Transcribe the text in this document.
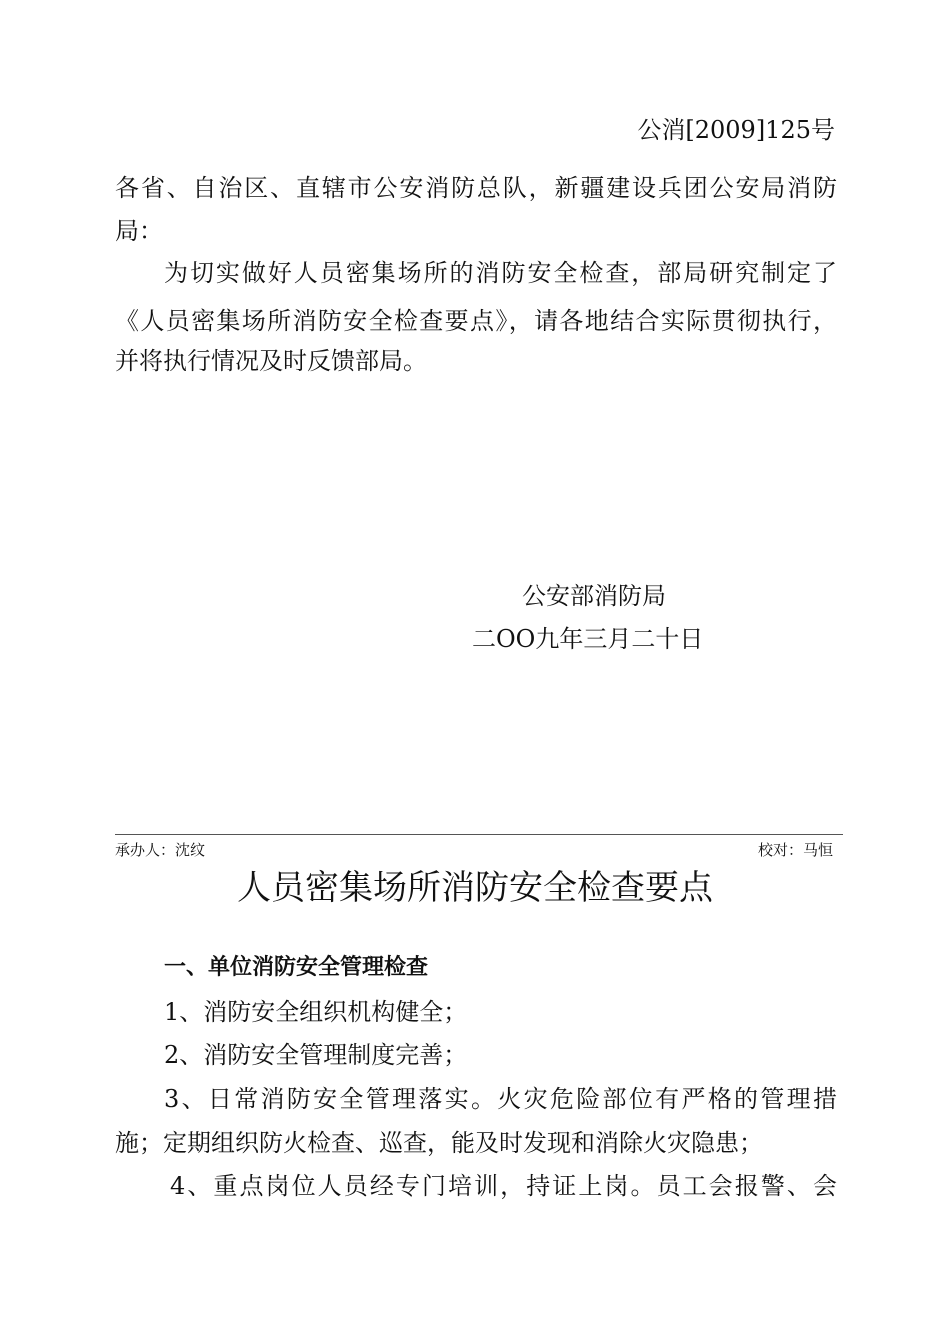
公消[2009]125号
各省、自治区、直辖市公安消防总队，新疆建设兵团公安局消防
局：
为切实做好人员密集场所的消防安全检查，部局研究制定了
《人员密集场所消防安全检查要点》，请各地结合实际贯彻执行，
并将执行情况及时反馈部局。
公安部消防局
二OO九年三月二十日
承办人：沈纹	校对：马恒
人员密集场所消防安全检查要点
一、单位消防安全管理检查
1、消防安全组织机构健全；
2、消防安全管理制度完善；
3、日常消防安全管理落实。火灾危险部位有严格的管理措
施；定期组织防火检查、巡查，能及时发现和消除火灾隐患；
4、重点岗位人员经专门培训，持证上岗。员工会报警、会
